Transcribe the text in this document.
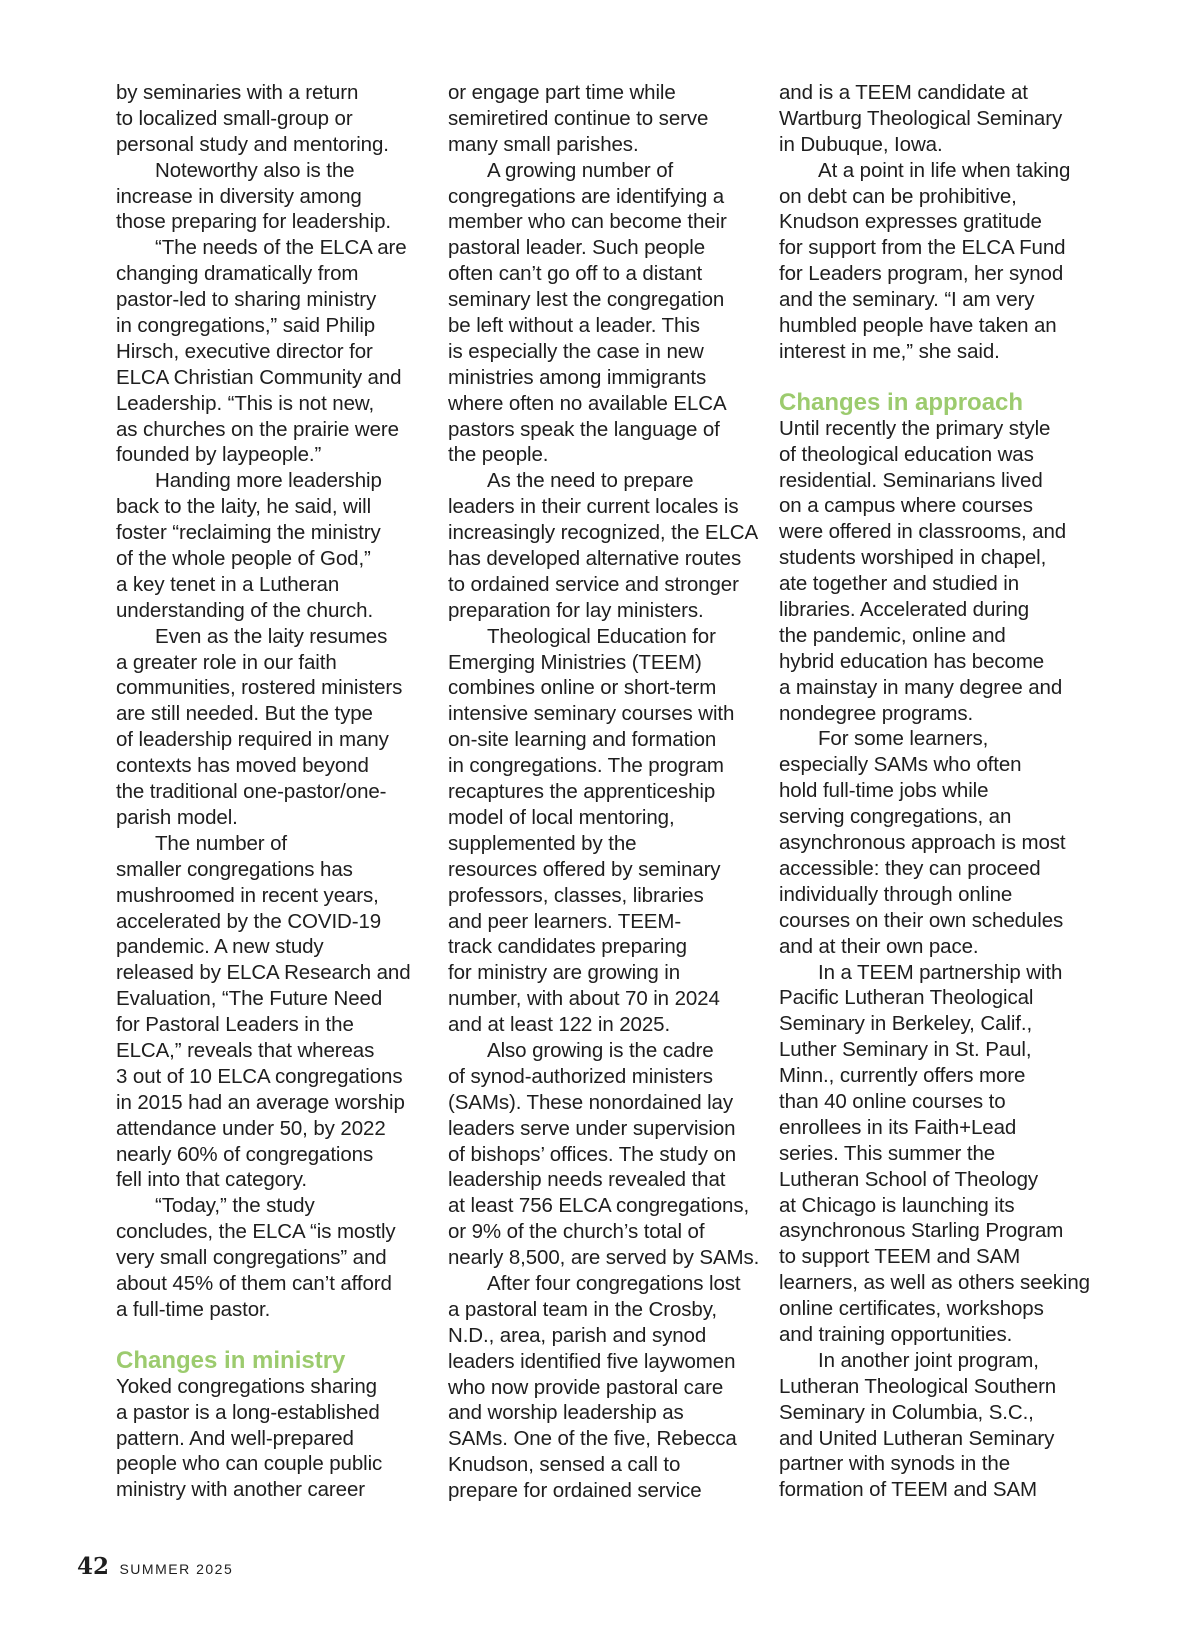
by seminaries with a return
to localized small-group or
personal study and mentoring.
Noteworthy also is the
increase in diversity among
those preparing for leadership.
“The needs of the ELCA are
changing dramatically from
pastor-led to sharing ministry
in congregations,” said Philip
Hirsch, executive director for
ELCA Christian Community and
Leadership. “This is not new,
as churches on the prairie were
founded by laypeople.”
Handing more leadership
back to the laity, he said, will
foster “reclaiming the ministry
of the whole people of God,”
a key tenet in a Lutheran
understanding of the church.
Even as the laity resumes
a greater role in our faith
communities, rostered ministers
are still needed. But the type
of leadership required in many
contexts has moved beyond
the traditional one-pastor/one-
parish model.
The number of
smaller congregations has
mushroomed in recent years,
accelerated by the COVID-19
pandemic. A new study
released by ELCA Research and
Evaluation, “The Future Need
for Pastoral Leaders in the
ELCA,” reveals that whereas
3 out of 10 ELCA congregations
in 2015 had an average worship
attendance under 50, by 2022
nearly 60% of congregations
fell into that category.
“Today,” the study
concludes, the ELCA “is mostly
very small congregations” and
about 45% of them can’t afford
a full-time pastor.
Changes in ministry
Yoked congregations sharing
a pastor is a long-established
pattern. And well-prepared
people who can couple public
ministry with another career
or engage part time while
semiretired continue to serve
many small parishes.
A growing number of
congregations are identifying a
member who can become their
pastoral leader. Such people
often can’t go off to a distant
seminary lest the congregation
be left without a leader. This
is especially the case in new
ministries among immigrants
where often no available ELCA
pastors speak the language of
the people.
As the need to prepare
leaders in their current locales is
increasingly recognized, the ELCA
has developed alternative routes
to ordained service and stronger
preparation for lay ministers.
Theological Education for
Emerging Ministries (TEEM)
combines online or short-term
intensive seminary courses with
on-site learning and formation
in congregations. The program
recaptures the apprenticeship
model of local mentoring,
supplemented by the
resources offered by seminary
professors, classes, libraries
and peer learners. TEEM-
track candidates preparing
for ministry are growing in
number, with about 70 in 2024
and at least 122 in 2025.
Also growing is the cadre
of synod-authorized ministers
(SAMs). These nonordained lay
leaders serve under supervision
of bishops’ offices. The study on
leadership needs revealed that
at least 756 ELCA congregations,
or 9% of the church’s total of
nearly 8,500, are served by SAMs.
After four congregations lost
a pastoral team in the Crosby,
N.D., area, parish and synod
leaders identified five laywomen
who now provide pastoral care
and worship leadership as
SAMs. One of the five, Rebecca
Knudson, sensed a call to
prepare for ordained service
and is a TEEM candidate at
Wartburg Theological Seminary
in Dubuque, Iowa.
At a point in life when taking
on debt can be prohibitive,
Knudson expresses gratitude
for support from the ELCA Fund
for Leaders program, her synod
and the seminary. “I am very
humbled people have taken an
interest in me,” she said.
Changes in approach
Until recently the primary style
of theological education was
residential. Seminarians lived
on a campus where courses
were offered in classrooms, and
students worshiped in chapel,
ate together and studied in
libraries. Accelerated during
the pandemic, online and
hybrid education has become
a mainstay in many degree and
nondegree programs.
For some learners,
especially SAMs who often
hold full-time jobs while
serving congregations, an
asynchronous approach is most
accessible: they can proceed
individually through online
courses on their own schedules
and at their own pace.
In a TEEM partnership with
Pacific Lutheran Theological
Seminary in Berkeley, Calif.,
Luther Seminary in St. Paul,
Minn., currently offers more
than 40 online courses to
enrollees in its Faith+Lead
series. This summer the
Lutheran School of Theology
at Chicago is launching its
asynchronous Starling Program
to support TEEM and SAM
learners, as well as others seeking
online certificates, workshops
and training opportunities.
In another joint program,
Lutheran Theological Southern
Seminary in Columbia, S.C.,
and United Lutheran Seminary
partner with synods in the
formation of TEEM and SAM
42 SUMMER 2025
